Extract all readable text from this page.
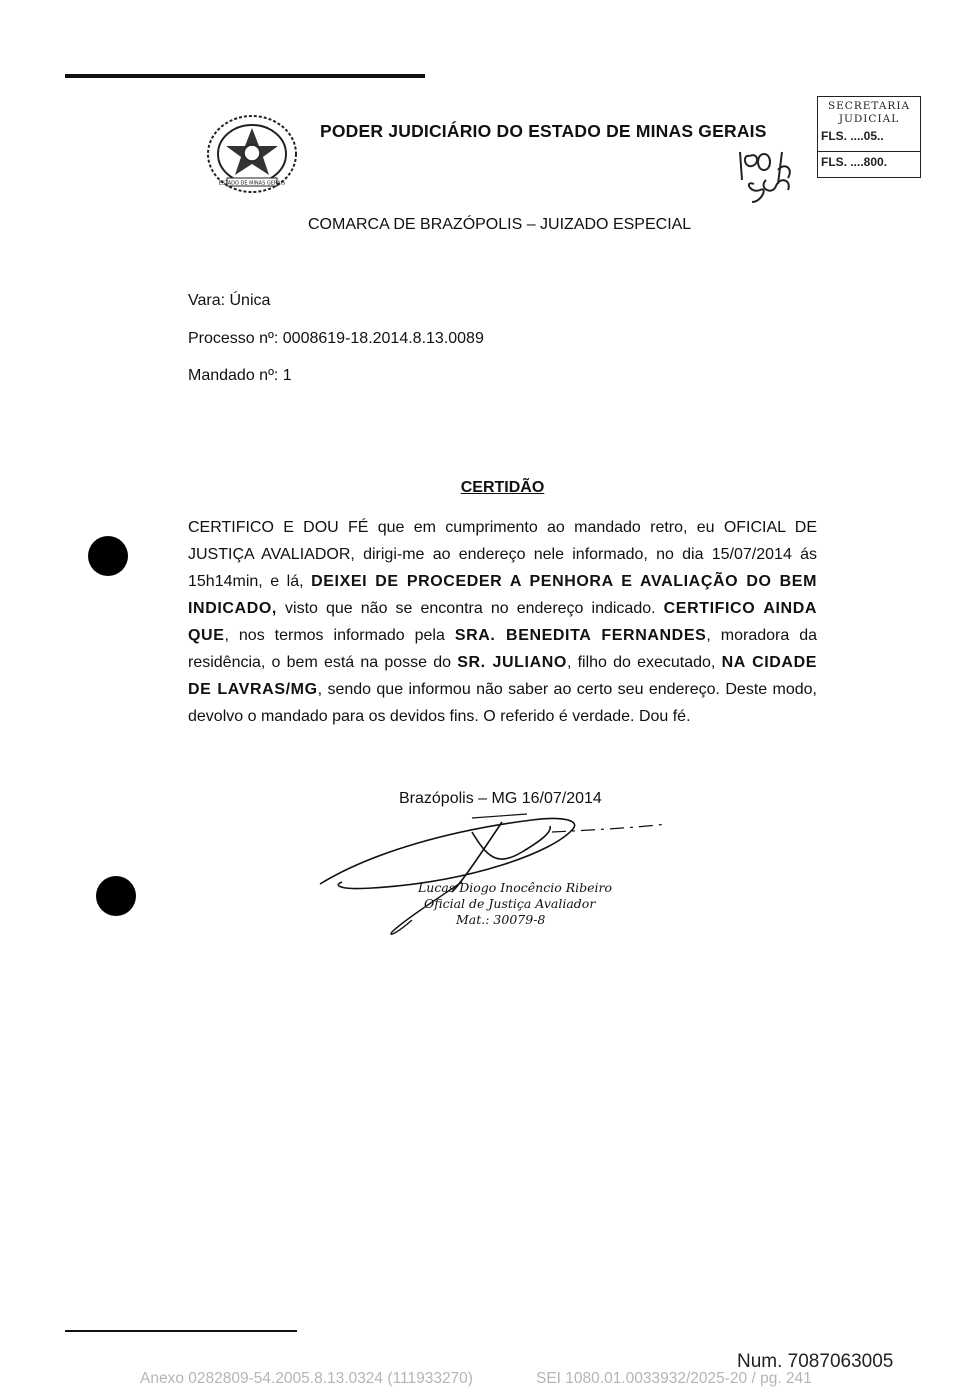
ESTADO DE MINAS GERAIS
PODER JUDICIÁRIO DO ESTADO DE MINAS GERAIS
SECRETARIA
JUDICIAL
FLS. ....05..
FLS. ....800.
COMARCA DE BRAZÓPOLIS – JUIZADO ESPECIAL
Vara: Única
Processo nº: 0008619-18.2014.8.13.0089
Mandado nº: 1
CERTIDÃO
CERTIFICO E DOU FÉ que em cumprimento ao mandado retro, eu OFICIAL DE JUSTIÇA AVALIADOR, dirigi-me ao endereço nele informado, no dia 15/07/2014 ás 15h14min, e lá, DEIXEI DE PROCEDER A PENHORA E AVALIAÇÃO DO BEM INDICADO, visto que não se encontra no endereço indicado. CERTIFICO AINDA QUE, nos termos informado pela SRA. BENEDITA FERNANDES, moradora da residência, o bem está na posse do SR. JULIANO, filho do executado, NA CIDADE DE LAVRAS/MG, sendo que informou não saber ao certo seu endereço. Deste modo, devolvo o mandado para os devidos fins. O referido é verdade. Dou fé.
Brazópolis – MG 16/07/2014
Lucas Diogo Inocêncio Ribeiro
Oficial de Justiça Avaliador
Mat.: 30079-8
Num. 7087063005
Anexo 0282809-54.2005.8.13.0324 (111933270)	SEI 1080.01.0033932/2025-20 / pg. 241
